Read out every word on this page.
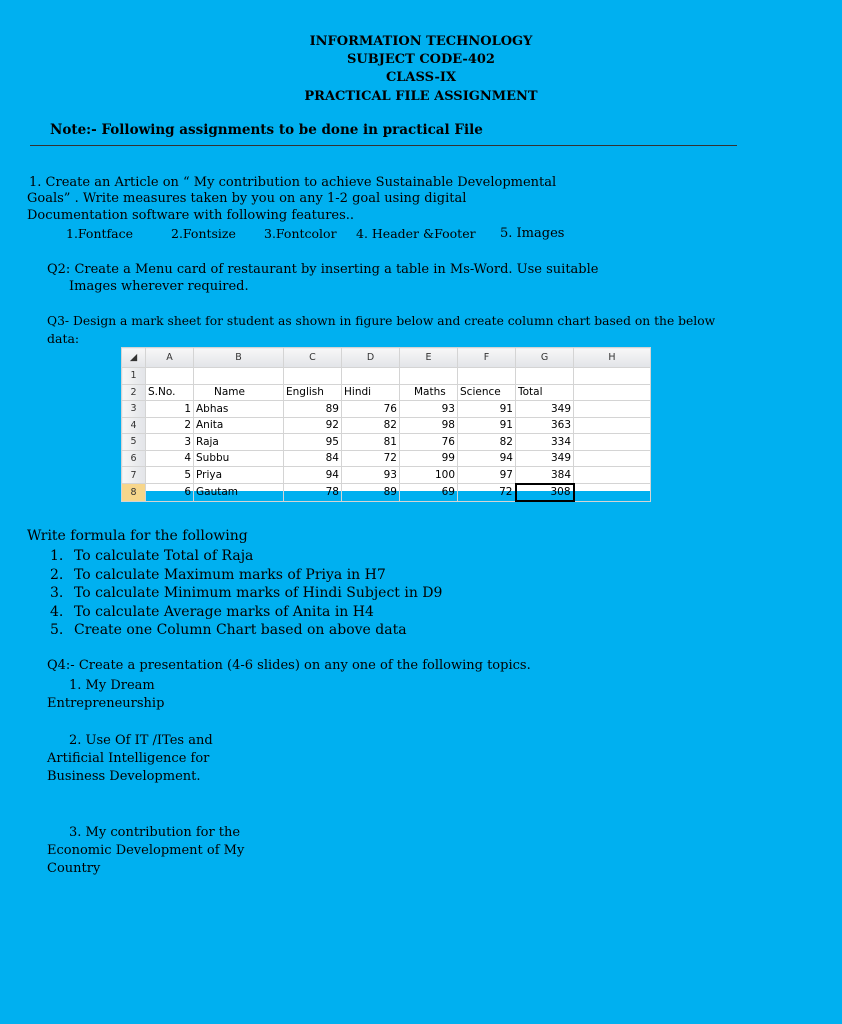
INFORMATION TECHNOLOGY
SUBJECT CODE-402
CLASS-IX
PRACTICAL FILE ASSIGNMENT
Note:- Following assignments to be done in practical File
1. Create an Article on “ My contribution to achieve Sustainable Developmental
Goals” . Write measures taken by you on any 1-2 goal using digital
Documentation software with following features..
1.Fontface	2.Fontsize 3.Fontcolor 4. Header &Footer 5. Images
Q2: Create a Menu card of restaurant by inserting a table in Ms-Word. Use suitable
Images wherever required.
Q3- Design a mark sheet for student as shown in figure below and create column chart based on the below
data:
◢	A	B	C	D	E	F	G	H
1								
2	S.No.	Name	English	Hindi	Maths	Science	Total	
3	1	Abhas	89	76	93	91	349	
4	2	Anita	92	82	98	91	363	
5	3	Raja	95	81	76	82	334	
6	4	Subbu	84	72	99	94	349	
7	5	Priya	94	93	100	97	384	
8	6	Gautam	78	89	69	72	308	
Write formula for the following
1. To calculate Total of Raja
2. To calculate Maximum marks of Priya in H7
3. To calculate Minimum marks of Hindi Subject in D9
4. To calculate Average marks of Anita in H4
5. Create one Column Chart based on above data
Q4:- Create a presentation (4-6 slides) on any one of the following topics.
1. My Dream
Entrepreneurship
2. Use Of IT /ITes and
Artificial Intelligence for
Business Development.
3. My contribution for the
Economic Development of My
Country
